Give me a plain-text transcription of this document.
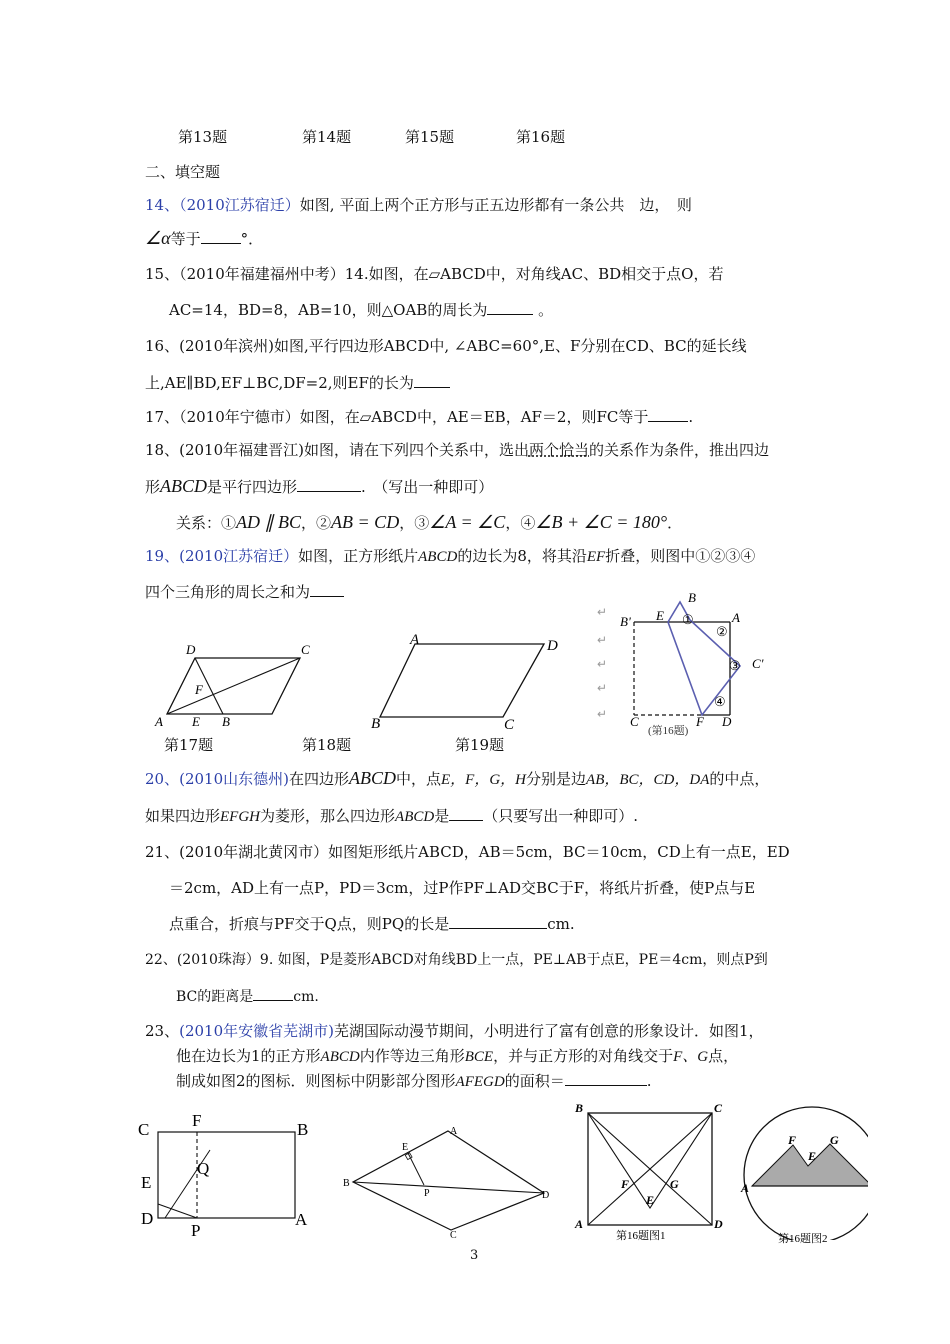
第13题	第14题	第15题	第16题
二、填空题
14、（2010江苏宿迁）如图, 平面上两个正方形与正五边形都有一条公共　边，　则
∠α等于	°．
15、（2010年福建福州中考）14.如图，在▱ABCD中，对角线AC、BD相交于点O，若
AC=14，BD=8，AB=10，则△OAB的周长为	。
16、(2010年滨州)如图,平行四边形ABCD中, ∠ABC=60°,E、F分别在CD、BC的延长线
上,AE∥BD,EF⊥BC,DF=2,则EF的长为
17、（2010年宁德市）如图，在▱ABCD中，AE＝EB，AF＝2，则FC等于	.
18、(2010年福建晋江)如图，请在下列四个关系中，选出两个恰当的关系作为条件，推出四边
形ABCD是平行四边形	.　（写出一种即可）
关系：①AD ∥ BC，②AB = CD，③∠A = ∠C，④∠B + ∠C = 180°．
19、(2010江苏宿迁）如图，正方形纸片ABCD的边长为8，将其沿EF折叠，则图中①②③④
四个三角形的周长之和为
D	C
F
A E B
A	D
B	C
↵
↵
↵
↵
↵
B
E	A
B'
C'
C	F D
①
②
③
④
(第16题)
第17题	第18题	第19题
20、(2010山东德州)在四边形ABCD中，点E，F，G，H分别是边AB，BC，CD，DA的中点，
如果四边形EFGH为菱形，那么四边形ABCD是 （只要写出一种即可）.
21、(2010年湖北黄冈市）如图矩形纸片ABCD，AB＝5cm，BC＝10cm，CD上有一点E，ED
＝2cm，AD上有一点P，PD＝3cm，过P作PF⊥AD交BC于F，将纸片折叠，使P点与E
点重合，折痕与PF交于Q点，则PQ的长是	cm.
22、(2010珠海）9. 如图，P是菱形ABCD对角线BD上一点，PE⊥AB于点E，PE＝4cm，则点P到
BC的距离是	cm.
23、(2010年安徽省芜湖市)芜湖国际动漫节期间，小明进行了富有创意的形象设计．如图1，
他在边长为1的正方形ABCD内作等边三角形BCE，并与正方形的对角线交于F、G点，
制成如图2的图标．则图标中阴影部分图形AFEGD的面积＝	.
C	F	B
Q
E
D
P
A
A
E
B
P	D
C
B	C
F	G
E
A	D
第16题图1
F	G
E
A
第16题图2
3
